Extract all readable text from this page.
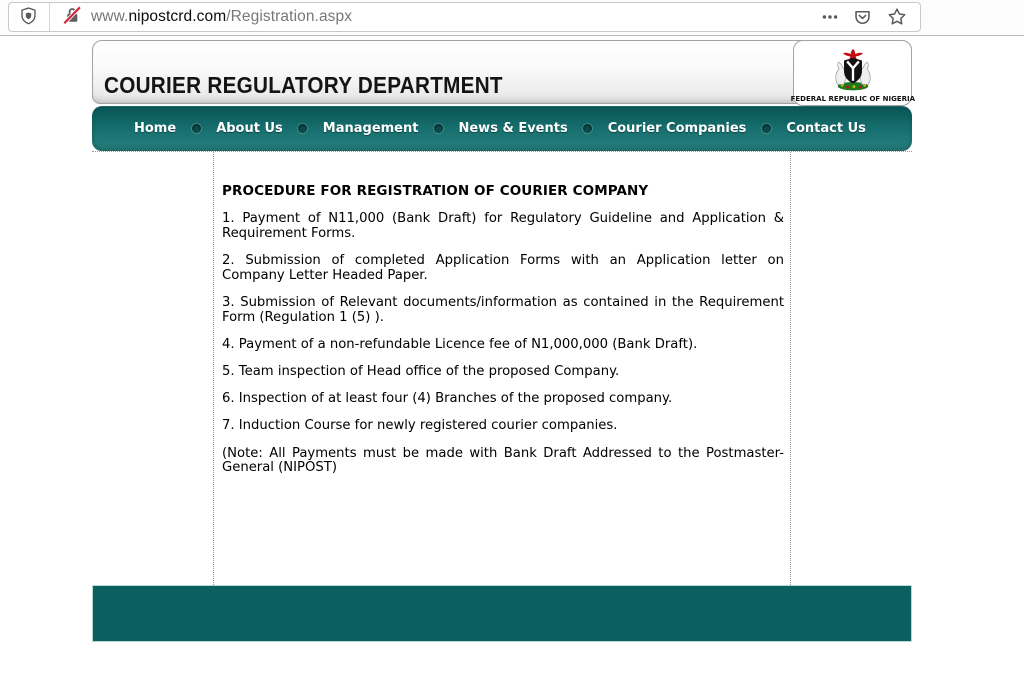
www.nipostcrd.com/Registration.aspx
COURIER REGULATORY DEPARTMENT
FEDERAL REPUBLIC OF NIGERIA
Home	About Us	Management	News & Events	Courier Companies	Contact Us
PROCEDURE FOR REGISTRATION OF COURIER COMPANY

1. Payment of N11,000 (Bank Draft) for Regulatory Guideline and Application & Requirement Forms.

2. Submission of completed Application Forms with an Application letter on Company Letter Headed Paper.

3. Submission of Relevant documents/information as contained in the Requirement Form (Regulation 1 (5) ).

4. Payment of a non-refundable Licence fee of N1,000,000 (Bank Draft).

5. Team inspection of Head office of the proposed Company.

6. Inspection of at least four (4) Branches of the proposed company.

7. Induction Course for newly registered courier companies.

(Note: All Payments must be made with Bank Draft Addressed to the Postmaster-General (NIPOST)
